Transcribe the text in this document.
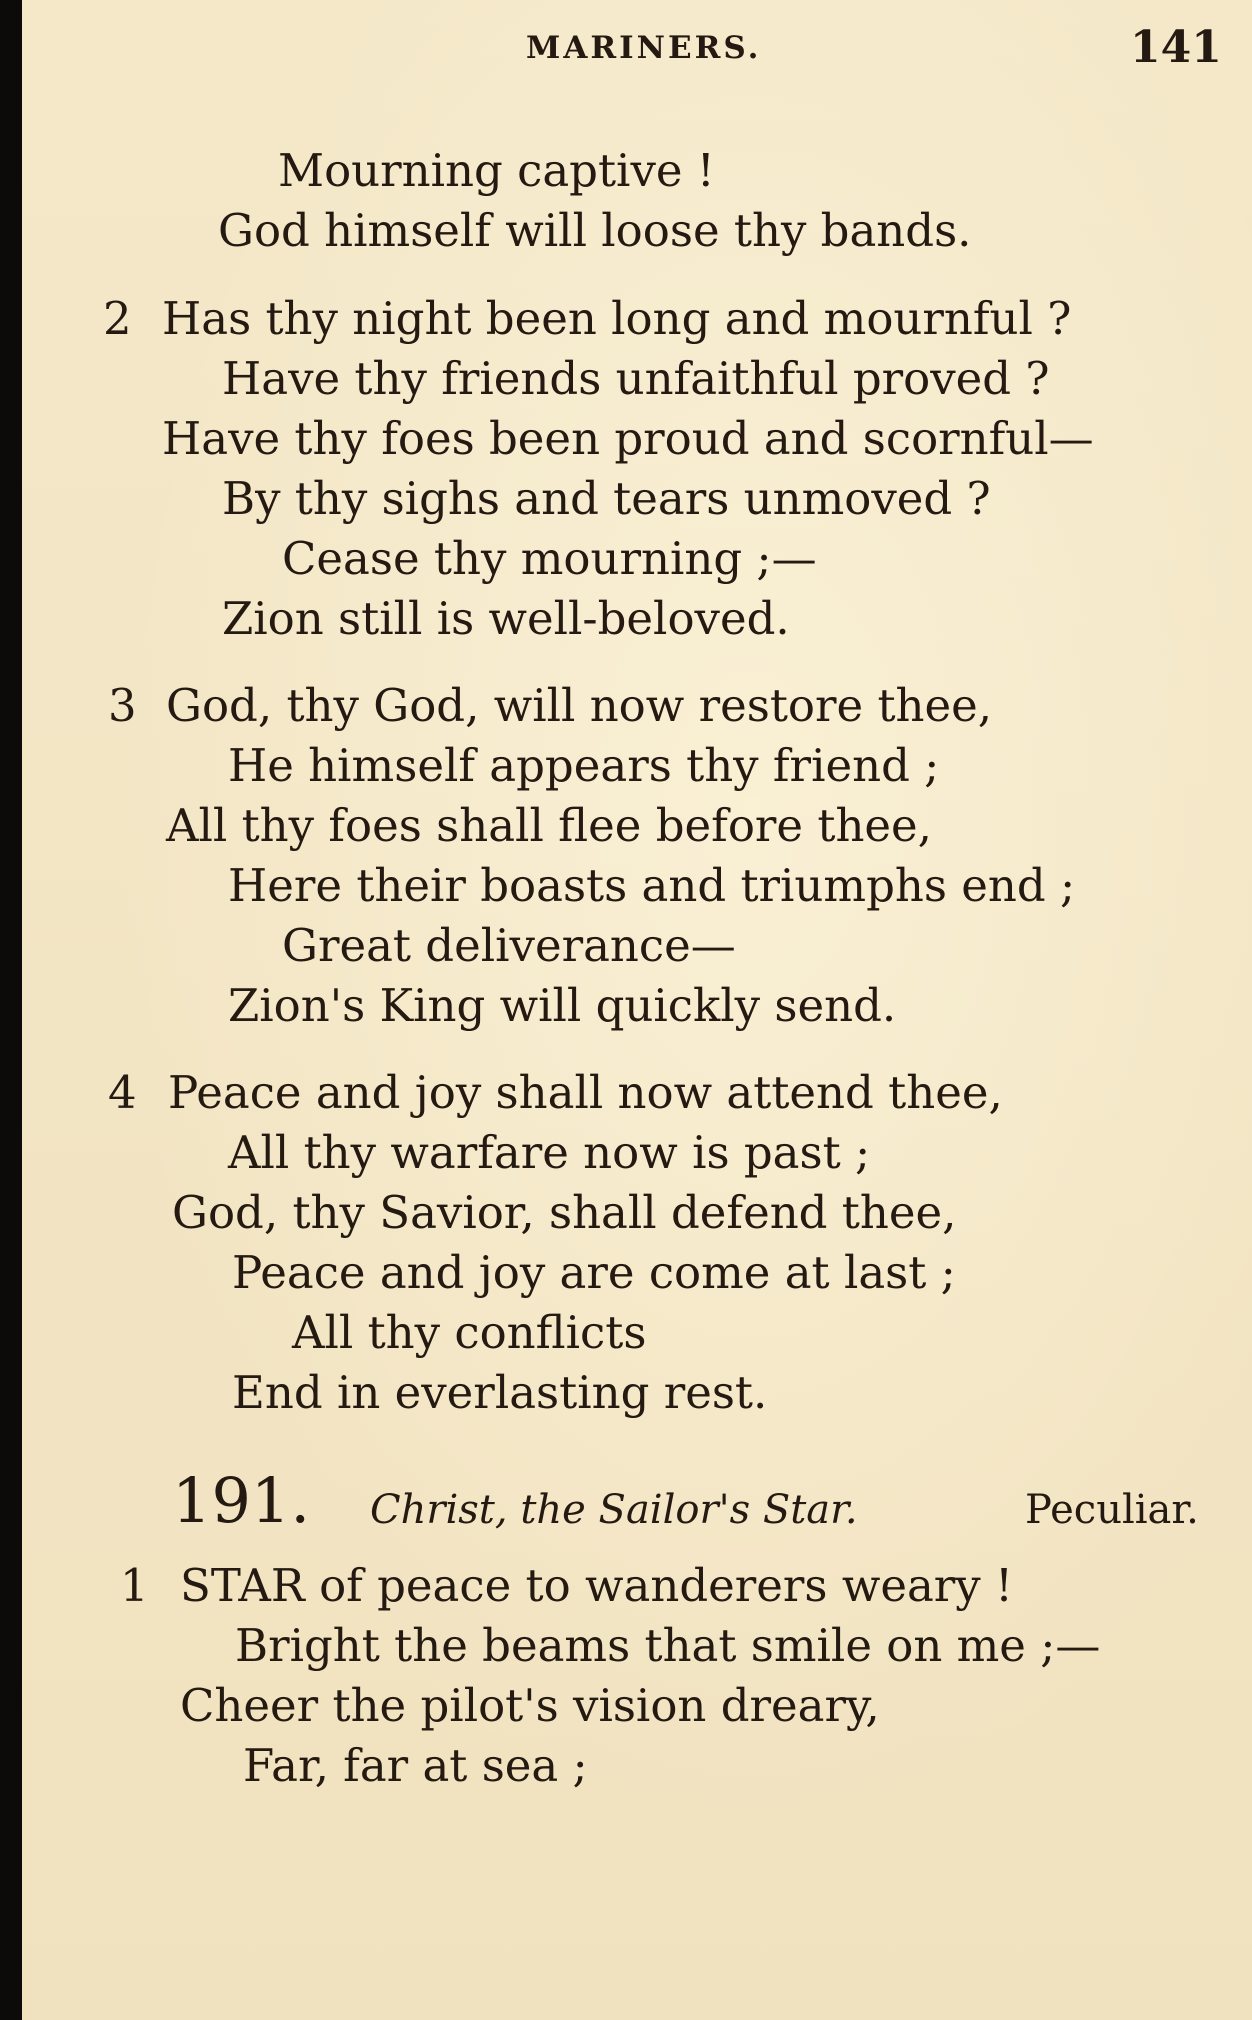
MARINERS.	141
Mourning captive !
God himself will loose thy bands.
2 Has thy night been long and mournful ?
Have thy friends unfaithful proved ?
Have thy foes been proud and scornful—
By thy sighs and tears unmoved ?
Cease thy mourning ;—
Zion still is well-beloved.
3 God, thy God, will now restore thee,
He himself appears thy friend ;
All thy foes shall flee before thee,
Here their boasts and triumphs end ;
Great deliverance—
Zion's King will quickly send.
4 Peace and joy shall now attend thee,
All thy warfare now is past ;
God, thy Savior, shall defend thee,
Peace and joy are come at last ;
All thy conflicts
End in everlasting rest.
191. Christ, the Sailor's Star.	Peculiar.
1 STAR of peace to wanderers weary !
Bright the beams that smile on me ;—
Cheer the pilot's vision dreary,
Far, far at sea ;
